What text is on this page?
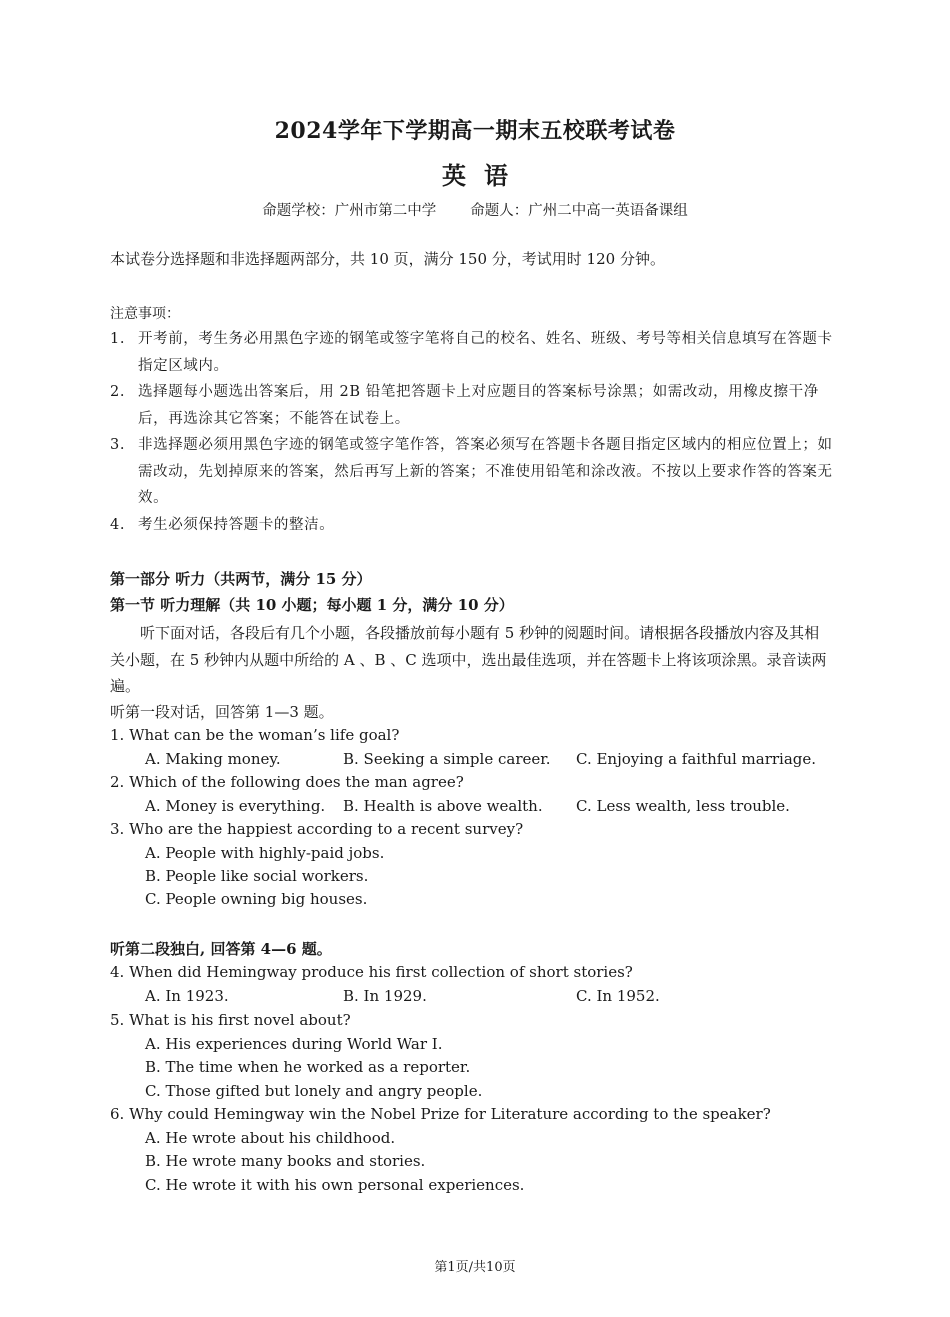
2024学年下学期高一期末五校联考试卷
英语
命题学校：广州市第二中学 命题人：广州二中高一英语备课组
本试卷分选择题和非选择题两部分，共 10 页，满分 150 分，考试用时 120 分钟。
注意事项：
1. 开考前，考生务必用黑色字迹的钢笔或签字笔将自己的校名、姓名、班级、考号等相关信息填写在答题卡指定区域内。
2. 选择题每小题选出答案后，用 2B 铅笔把答题卡上对应题目的答案标号涂黑；如需改动，用橡皮擦干净后，再选涂其它答案；不能答在试卷上。
3. 非选择题必须用黑色字迹的钢笔或签字笔作答，答案必须写在答题卡各题目指定区域内的相应位置上；如需改动，先划掉原来的答案，然后再写上新的答案；不准使用铅笔和涂改液。不按以上要求作答的答案无效。
4. 考生必须保持答题卡的整洁。
第一部分 听力（共两节，满分 15 分）
第一节 听力理解（共 10 小题；每小题 1 分，满分 10 分）

听下面对话，各段后有几个小题，各段播放前每小题有 5 秒钟的阅题时间。请根据各段播放内容及其相关小题，在 5 秒钟内从题中所给的 A 、B 、C 选项中，选出最佳选项，并在答题卡上将该项涂黑。录音读两遍。

听第一段对话，回答第 1—3 题。
1. What can be the woman’s life goal?
A. Making money.	B. Seeking a simple career. C. Enjoying a faithful marriage.
2. Which of the following does the man agree?
A. Money is everything. B. Health is above wealth. C. Less wealth, less trouble.
3. Who are the happiest according to a recent survey?
A. People with highly-paid jobs.
B. People like social workers.
C. People owning big houses.
听第二段独白, 回答第 4—6 题。
4. When did Hemingway produce his first collection of short stories?
A. In 1923.	B. In 1929.	C. In 1952.
5. What is his first novel about?
A. His experiences during World War I.
B. The time when he worked as a reporter.
C. Those gifted but lonely and angry people.
6. Why could Hemingway win the Nobel Prize for Literature according to the speaker?
A. He wrote about his childhood.
B. He wrote many books and stories.
C. He wrote it with his own personal experiences.
第1页/共10页
